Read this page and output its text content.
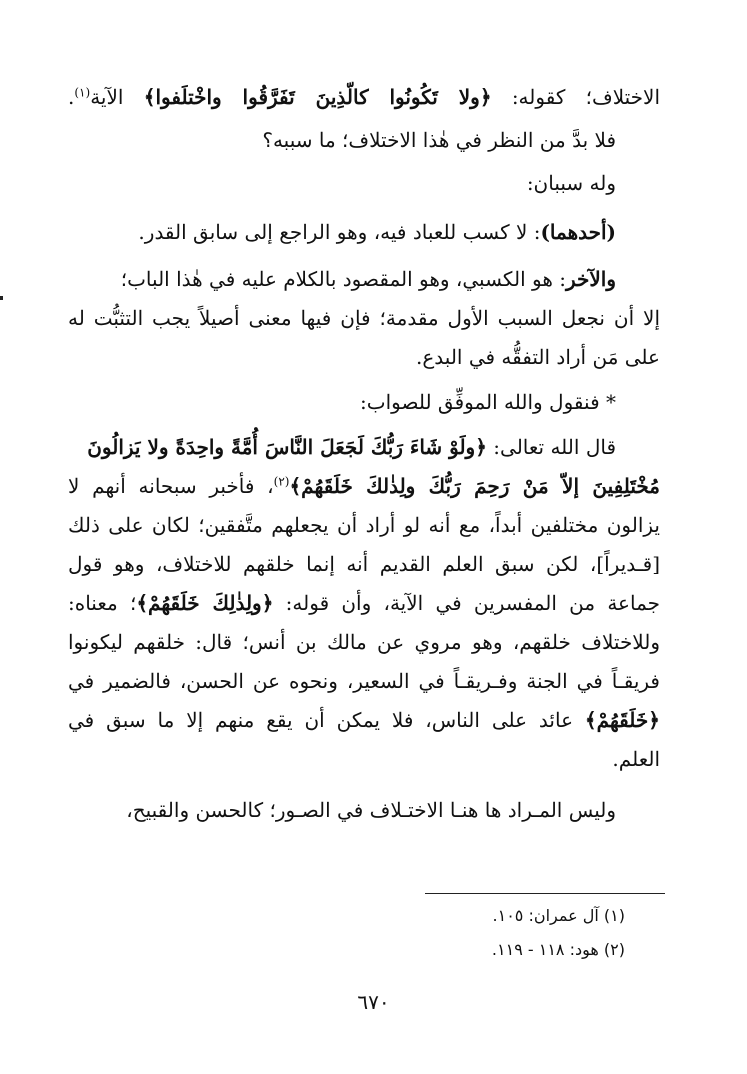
الاختلاف؛ كقوله: ﴿ولا تَكُونُوا كالّذِينَ تَفَرَّقُوا واخْتلَفوا﴾ الآية$^{(١)}$.
فلا بدَّ من النظر في هٰذا الاختلاف؛ ما سببه؟
وله سببان:
(أحدهما): لا كسب للعباد فيه، وهو الراجع إلى سابق القدر.
والآخر: هو الكسبي، وهو المقصود بالكلام عليه في هٰذا الباب؛
إلا أن نجعل السبب الأول مقدمة؛ فإن فيها معنى أصيلاً يجب التثبُّت له
على مَن أراد التفقُّه في البدع.
* فنقول والله الموفِّق للصواب:
قال الله تعالى: ﴿ولَوْ شَاءَ رَبُّكَ لَجَعَلَ النَّاسَ أُمَّةً واحِدَةً ولا يَزالُونَ
مُخْتَلِفِينَ إلاّ مَنْ رَحِمَ رَبُّكَ ولِذٰلكَ خَلَقَهُمْ﴾$^{(٢)}$، فأخبر سبحانه أنهم لا
يزالون مختلفين أبداً، مع أنه لو أراد أن يجعلهم متَّفقين؛ لكان على ذلك
[قـديراً]، لكن سبق العلم القديم أنه إنما خلقهم للاختلاف، وهو قول
جماعة من المفسرين في الآية، وأن قوله: ﴿ولِذٰلِكَ خَلَقَهُمْ﴾؛ معناه:
وللاختلاف خلقهم، وهو مروي عن مالك بن أنس؛ قال: خلقهم ليكونوا
فريقـاً في الجنة وفـريقـاً في السعير، ونحوه عن الحسن، فالضمير في
﴿خَلَقَهُمْ﴾ عائد على الناس، فلا يمكن أن يقع منهم إلا ما سبق في
العلم.
وليس المـراد ها هنـا الاختـلاف في الصـور؛ كالحسن والقبيح،
(١) آل عمران: ١٠٥.
(٢) هود: ١١٨ - ١١٩.
٦٧٠
